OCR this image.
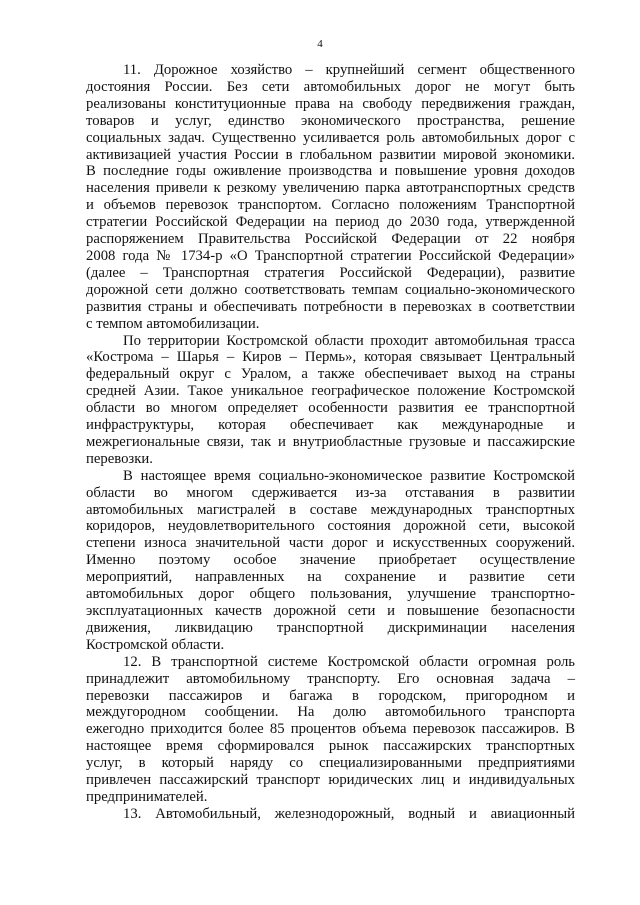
4

11. Дорожное хозяйство – крупнейший сегмент общественного
достояния России. Без сети автомобильных дорог не могут быть
реализованы конституционные права на свободу передвижения граждан,
товаров и услуг, единство экономического пространства, решение
социальных задач. Существенно усиливается роль автомобильных дорог с
активизацией участия России в глобальном развитии мировой экономики.
В последние годы оживление производства и повышение уровня доходов
населения привели к резкому увеличению парка автотранспортных средств
и объемов перевозок транспортом. Согласно положениям Транспортной
стратегии Российской Федерации на период до 2030 года, утвержденной
распоряжением Правительства Российской Федерации от 22 ноября
2008 года № 1734-р «О Транспортной стратегии Российской Федерации»
(далее – Транспортная стратегия Российской Федерации), развитие
дорожной сети должно соответствовать темпам социально-экономического
развития страны и обеспечивать потребности в перевозках в соответствии
с темпом автомобилизации.

По территории Костромской области проходит автомобильная трасса
«Кострома – Шарья – Киров – Пермь», которая связывает Центральный
федеральный округ с Уралом, а также обеспечивает выход на страны
средней Азии. Такое уникальное географическое положение Костромской
области во многом определяет особенности развития ее транспортной
инфраструктуры, которая обеспечивает как международные и
межрегиональные связи, так и внутриобластные грузовые и пассажирские
перевозки.

В настоящее время социально-экономическое развитие Костромской
области во многом сдерживается из-за отставания в развитии
автомобильных магистралей в составе международных транспортных
коридоров, неудовлетворительного состояния дорожной сети, высокой
степени износа значительной части дорог и искусственных сооружений.
Именно поэтому особое значение приобретает осуществление
мероприятий, направленных на сохранение и развитие сети
автомобильных дорог общего пользования, улучшение транспортно-
эксплуатационных качеств дорожной сети и повышение безопасности
движения, ликвидацию транспортной дискриминации населения
Костромской области.

12. В транспортной системе Костромской области огромная роль
принадлежит автомобильному транспорту. Его основная задача –
перевозки пассажиров и багажа в городском, пригородном и
междугородном сообщении. На долю автомобильного транспорта
ежегодно приходится более 85 процентов объема перевозок пассажиров. В
настоящее время сформировался рынок пассажирских транспортных
услуг, в который наряду со специализированными предприятиями
привлечен пассажирский транспорт юридических лиц и индивидуальных
предпринимателей.

13. Автомобильный, железнодорожный, водный и авиационный
